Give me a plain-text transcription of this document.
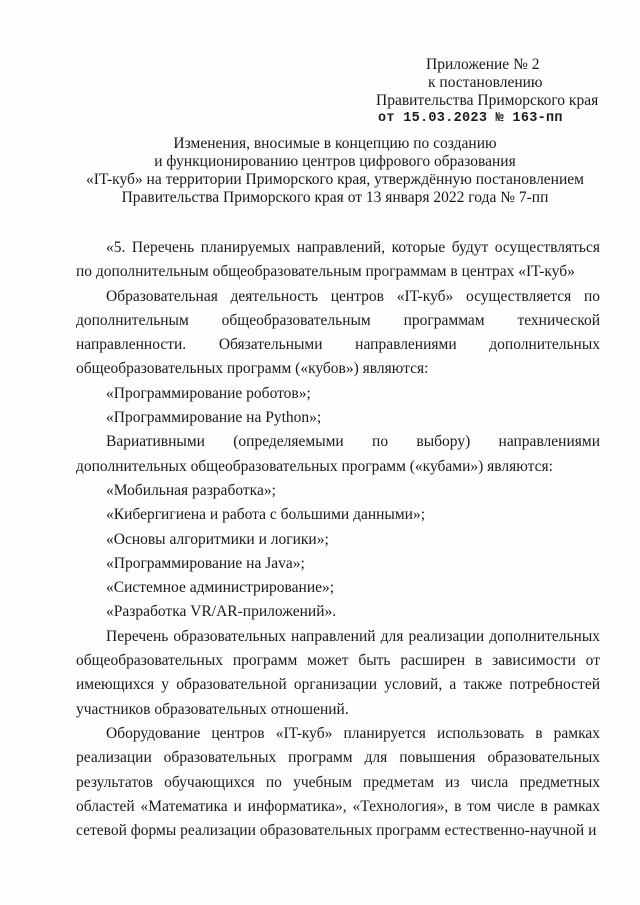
Приложение № 2
к постановлению
Правительства Приморского края
от 15.03.2023 № 163-пп
Изменения, вносимые в концепцию по созданию
и функционированию центров цифрового образования
«IT-куб» на территории Приморского края, утверждённую постановлением
Правительства Приморского края от 13 января 2022 года № 7-пп

«5. Перечень планируемых направлений, которые будут осуществляться по дополнительным общеобразовательным программам в центрах «IT-куб»

Образовательная деятельность центров «IT-куб» осуществляется по дополнительным общеобразовательным программам технической направленности. Обязательными направлениями дополнительных общеобразовательных программ («кубов») являются:

«Программирование роботов»;

«Программирование на Python»;

Вариативными (определяемыми по выбору) направлениями дополнительных общеобразовательных программ («кубами») являются:

«Мобильная разработка»;

«Кибергигиена и работа с большими данными»;

«Основы алгоритмики и логики»;

«Программирование на Java»;

«Системное администрирование»;

«Разработка VR/AR-приложений».

Перечень образовательных направлений для реализации дополнительных общеобразовательных программ может быть расширен в зависимости от имеющихся у образовательной организации условий, а также потребностей участников образовательных отношений.

Оборудование центров «IT-куб» планируется использовать в рамках реализации образовательных программ для повышения образовательных результатов обучающихся по учебным предметам из числа предметных областей «Математика и информатика», «Технология», в том числе в рамках сетевой формы реализации образовательных программ естественно-научной и
